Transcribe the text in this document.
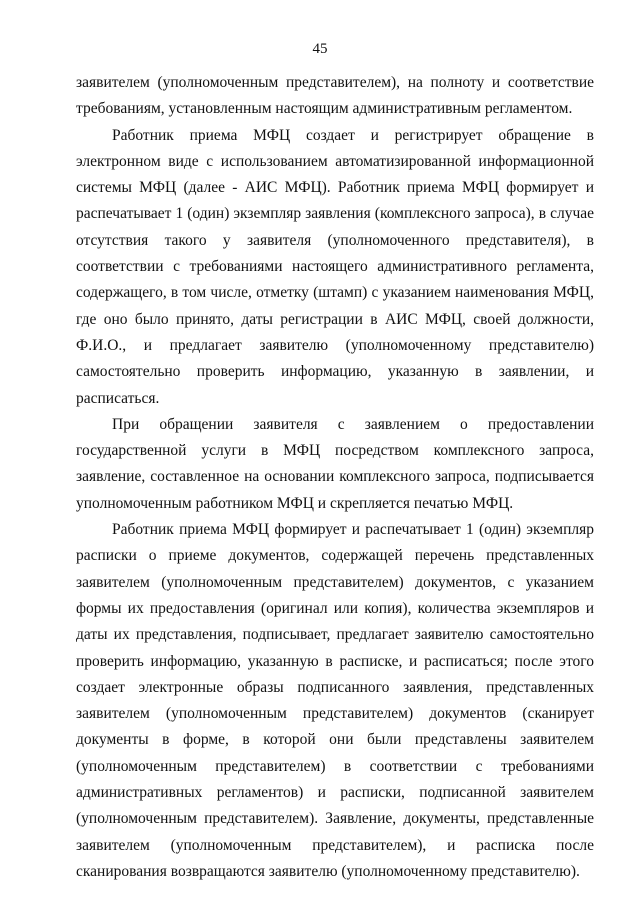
45

заявителем (уполномоченным представителем), на полноту и соответствие требованиям, установленным настоящим административным регламентом.

Работник приема МФЦ создает и регистрирует обращение в электронном виде с использованием автоматизированной информационной системы МФЦ (далее - АИС МФЦ). Работник приема МФЦ формирует и распечатывает 1 (один) экземпляр заявления (комплексного запроса), в случае отсутствия такого у заявителя (уполномоченного представителя), в соответствии с требованиями настоящего административного регламента, содержащего, в том числе, отметку (штамп) с указанием наименования МФЦ, где оно было принято, даты регистрации в АИС МФЦ, своей должности, Ф.И.О., и предлагает заявителю (уполномоченному представителю) самостоятельно проверить информацию, указанную в заявлении, и расписаться.

При обращении заявителя с заявлением о предоставлении государственной услуги в МФЦ посредством комплексного запроса, заявление, составленное на основании комплексного запроса, подписывается уполномоченным работником МФЦ и скрепляется печатью МФЦ.

Работник приема МФЦ формирует и распечатывает 1 (один) экземпляр расписки о приеме документов, содержащей перечень представленных заявителем (уполномоченным представителем) документов, с указанием формы их предоставления (оригинал или копия), количества экземпляров и даты их представления, подписывает, предлагает заявителю самостоятельно проверить информацию, указанную в расписке, и расписаться; после этого создает электронные образы подписанного заявления, представленных заявителем (уполномоченным представителем) документов (сканирует документы в форме, в которой они были представлены заявителем (уполномоченным представителем) в соответствии с требованиями административных регламентов) и расписки, подписанной заявителем (уполномоченным представителем). Заявление, документы, представленные заявителем (уполномоченным представителем), и расписка после сканирования возвращаются заявителю (уполномоченному представителю).
